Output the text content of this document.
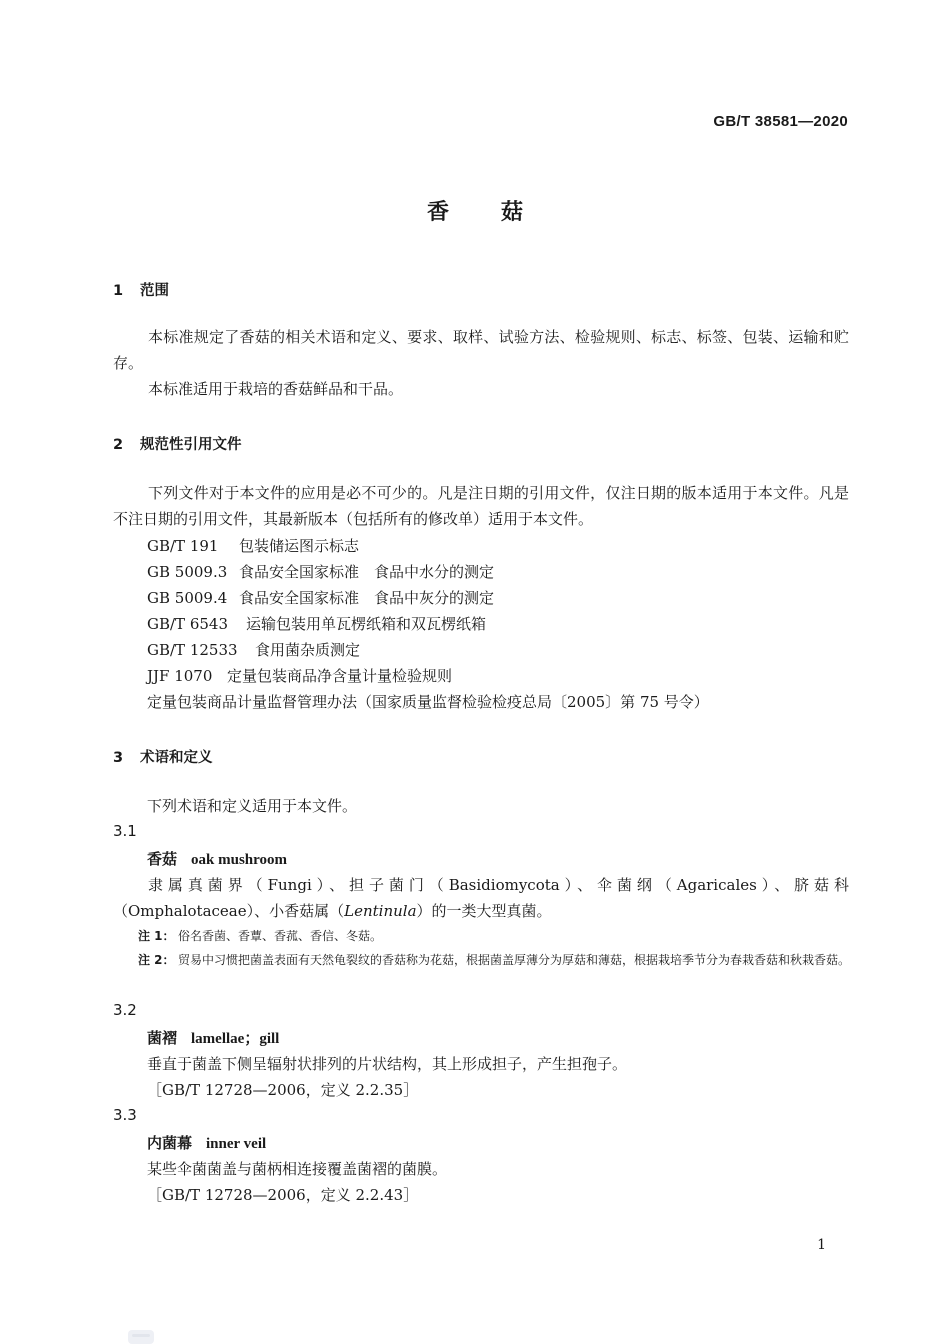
GB/T 38581—2020
香 菇
1 范围
本标准规定了香菇的相关术语和定义、要求、取样、试验方法、检验规则、标志、标签、包装、运输和贮存。
本标准适用于栽培的香菇鲜品和干品。
2 规范性引用文件
下列文件对于本文件的应用是必不可少的。凡是注日期的引用文件，仅注日期的版本适用于本文件。凡是不注日期的引用文件，其最新版本（包括所有的修改单）适用于本文件。
GB/T 191 包装储运图示标志
GB 5009.3 食品安全国家标准　食品中水分的测定
GB 5009.4 食品安全国家标准　食品中灰分的测定
GB/T 6543 运输包装用单瓦楞纸箱和双瓦楞纸箱
GB/T 12533 食用菌杂质测定
JJF 1070 定量包装商品净含量计量检验规则
定量包装商品计量监督管理办法（国家质量监督检验检疫总局〔2005〕第 75 号令）
3 术语和定义
下列术语和定义适用于本文件。
3.1
香菇 oak mushroom
隶属真菌界（Fungi）、担子菌门（Basidiomycota）、伞菌纲（Agaricales）、脐菇科（Omphalotaceae）、小香菇属（Lentinula）的一类大型真菌。
注 1： 俗名香菌、香蕈、香菰、香信、冬菇。
注 2： 贸易中习惯把菌盖表面有天然龟裂纹的香菇称为花菇，根据菌盖厚薄分为厚菇和薄菇，根据栽培季节分为春栽香菇和秋栽香菇。
3.2
菌褶 lamellae；gill
垂直于菌盖下侧呈辐射状排列的片状结构，其上形成担子，产生担孢子。
［GB/T 12728—2006，定义 2.2.35］
3.3
内菌幕 inner veil
某些伞菌菌盖与菌柄相连接覆盖菌褶的菌膜。
［GB/T 12728—2006，定义 2.2.43］
1
